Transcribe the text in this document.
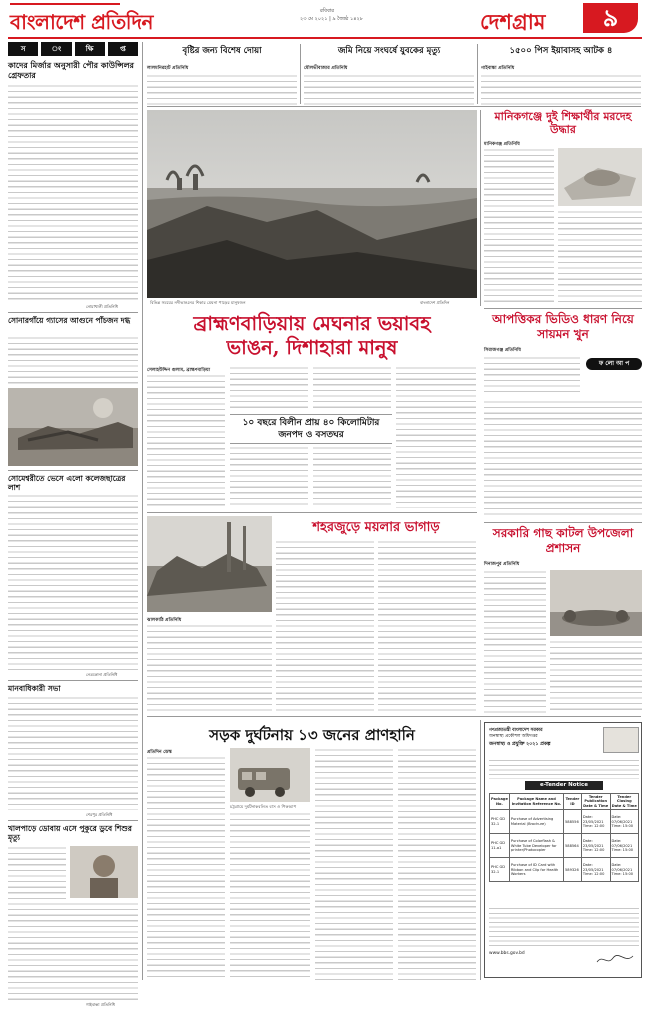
বাংলাদেশ প্রতিদিন	রবিবার
২৩ মে ২০২১ | ৯ জ্যৈষ্ঠ ১৪২৮	দেশগ্রাম	৯
স	ং	ক্ষি	প্ত
কাদের মির্জার অনুসারী পৌর কাউন্সিলর গ্রেফতার
নোয়াখালী প্রতিনিধি
সোনারগাঁয়ে গ্যাসের আগুনে পাঁচজন দগ্ধ
সোমেশ্বরীতে ভেসে এলো কলেজছাত্রের লাশ
নেত্রকোনা প্রতিনিধি
মানবাধিকারী সভা
শেরপুর প্রতিনিধি
খালপাড়ে ডোবায় এসে পুকুরে ডুবে শিশুর মৃত্যু
গাইবান্ধা প্রতিনিধি
বৃষ্টির জন্য বিশেষ দোয়া
লালমনিরহাট প্রতিনিধি
জমি নিয়ে সংঘর্ষে যুবকের মৃত্যু
মৌলভীবাজার প্রতিনিধি
১৫০০ পিস ইয়াবাসহ আটক ৪
গাইবান্ধা প্রতিনিধি
বিভিন্ন সময়ের নদীভাঙনের শিকার মেঘনা পাড়ের মানুষজন	বাংলাদেশ প্রতিদিন
মানিকগঞ্জে দুই শিক্ষার্থীর মরদেহ উদ্ধার
মানিকগঞ্জ প্রতিনিধি
ব্রাহ্মণবাড়িয়ায় মেঘনার ভয়াবহ
ভাঙন, দিশাহারা মানুষ
সেলাহউদ্দিন গুলাম, ব্রাহ্মণবাড়িয়া
১০ বছরে বিলীন প্রায় ৪০ কিলোমিটার
জনপদ ও বসতঘর
আপত্তিকর ভিডিও ধারণ নিয়ে সায়মন খুন
সিরাজগঞ্জ প্রতিনিধি
ফ লো আ প
শহরজুড়ে ময়লার ভাগাড়
ঝালকাঠি প্রতিনিধি
সরকারি গাছ কাটল উপজেলা প্রশাসন
দিনাজপুর প্রতিনিধি
সড়ক দুর্ঘটনায় ১৩ জনের প্রাণহানি
প্রতিদিন ডেস্ক
চট্টগ্রামে দুর্ঘটনাকবলিত বাস ও পিকআপ
গণপ্রজাতন্ত্রী বাংলাদেশ সরকার
জনস্বাস্থ্য প্রকৌশল অধিদপ্তর
জনস্বাস্থ্য ও প্রযুক্তি ২০২১ প্রকল্প
e-Tender Notice
Package No.	Package Name and Invitation Reference No.	Tender ID	Tender Publication Date & Time	Tender Closing Date & Time
PHC GD 32-1	Purchase of Advertising Material (Brochure)	588556	Date: 23/05/2021 Time: 12:00	Date: 07/06/2021 Time: 15:00
PHC GD 11-a1	Purchase of Colorflash & White Tube Developer for printer/Photocopier	588564	Date: 23/05/2021 Time: 12:00	Date: 07/06/2021 Time: 15:00
PHC GD 32-1	Purchase of ID Card with Ribbon and Clip for Health Workers	589326	Date: 23/05/2021 Time: 12:00	Date: 07/06/2021 Time: 15:00
www.bbs.gov.bd
